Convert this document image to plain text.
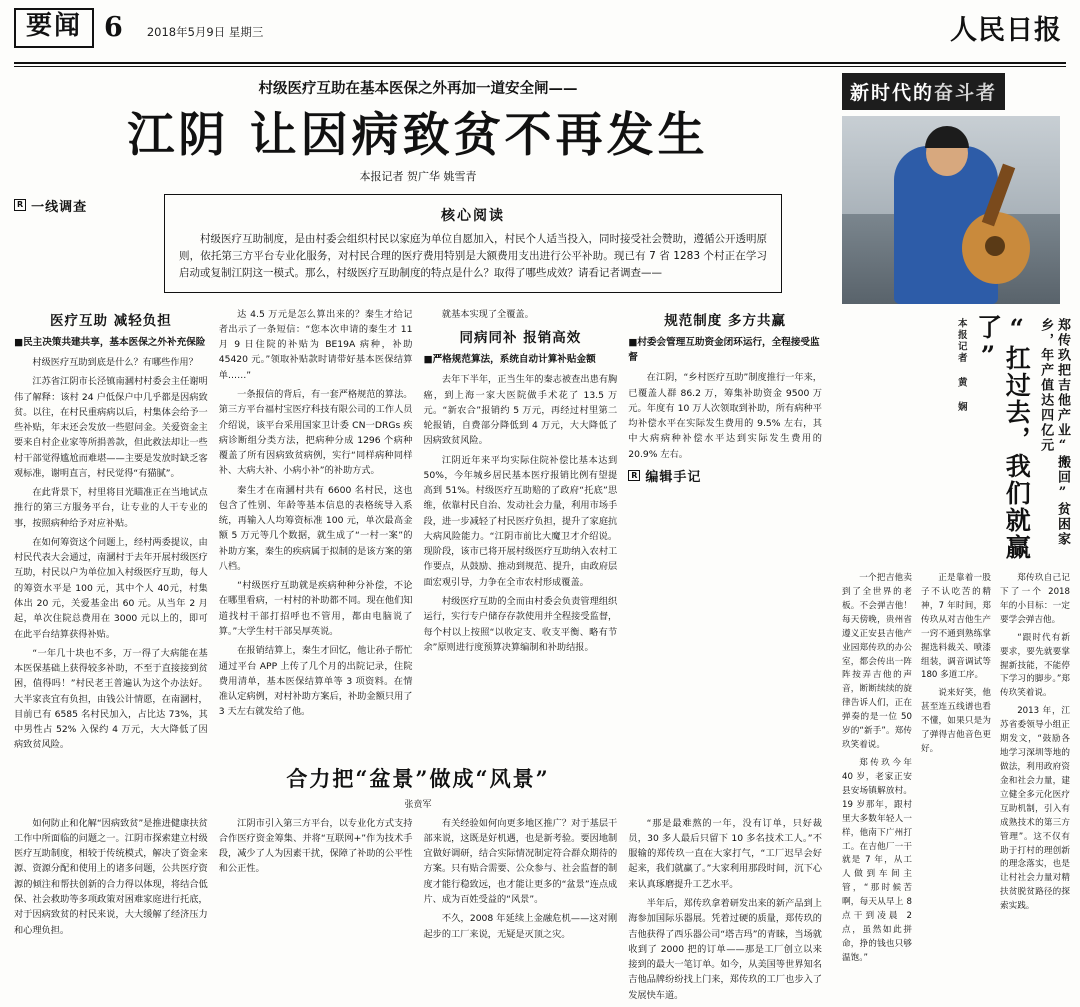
要闻 6 2018年5月9日 星期三	人民日报
村级医疗互助在基本医保之外再加一道安全闸——
江阴 让因病致贫不再发生
本报记者 贺广华 姚雪青
R 一线调查
核心阅读

村级医疗互助制度，是由村委会组织村民以家庭为单位自愿加入，村民个人适当投入，同时接受社会赞助，遵循公开透明原则，依托第三方平台专业化服务，对村民合理的医疗费用特别是大额费用支出进行公平补助。现已有 7 省 1283 个村正在学习启动或复制江阴这一模式。那么，村级医疗互助制度的特点是什么？取得了哪些成效？请看记者调查——

医疗互助 减轻负担
■民主决策共建共享，基本医保之外补充保险

村级医疗互助到底是什么？有哪些作用？

江苏省江阴市长泾镇南漍村村委会主任谢明伟了解释：该村 24 户低保户中几乎都是因病致贫。以往，在村民重病病以后，村集体会给予一些补贴，年末还会发放一些慰问金。关爱资金主要来自村企业家等所捐善款，但此救法却让一些村干部觉得尴尬而难堪——主要是发放时缺乏客观标准，谢明直言，村民觉得“有猫腻”。

在此背景下，村里将目光瞄准正在当地试点推行的第三方服务平台，让专业的人干专业的事，按照病种给予对应补贴。

在如何筹资这个问题上，经村两委提议，由村民代表大会通过，南漍村于去年开展村级医疗互助，村民以户为单位加入村级医疗互助，每人的筹资水平是 100 元，其中个人 40元，村集体出 20 元，关爱基金出 60 元。从当年 2 月起，单次住院总费用在 3000 元以上的，即可在此平台结算获得补贴。

“一年几十块也不多，万一得了大病能在基本医保基础上获得较多补助，不至于直接接到贫困，值得吗！”村民老王普遍认为这个办法好。大半家丧宜有负担，由钱公计情愿，在南漍村，目前已有 6585 名村民加入，占比达 73%，其中男性占 52% 入保约 4 万元，大大降低了因病致贫风险。

达 4.5 万元是怎么算出来的？秦生才给记者出示了一条短信：“您本次申请的秦生才 11 月 9 日住院的补贴为 BE19A 病种，补助 45420 元。”领取补贴款时请带好基本医保结算单……”

一条报信的背后，有一套严格规范的算法。第三方平台福村宝医疗科技有限公司的工作人员介绍说，该平台采用国家卫计委 CN一DRGs 疾病诊断组分类方法，把病种分成 1296 个病种覆盖了所有因病致贫病例，实行“同样病种同样补、大病大补、小病小补”的补助方式。

秦生才在南漍村共有 6600 名村民，这也包含了性别、年龄等基本信息的表格统导入系统，再输入人均筹资标准 100 元，单次最高金额 5 万元等几个数据，就生成了“一村一案”的补助方案，秦生的疾病属于拟制的是该方案的第八档。

“村级医疗互助就是疾病种种分补偿，不论在哪里看病，一村村的补助都不同。现在他们知道找村干部打招呼也不管用，都由电脑说了算。”大学生村干部吴厚英说。

在报销结算上，秦生才回忆，他让孙子帮忙通过平台 APP 上传了几个月的出院记录，住院费用清单，基本医保结算单等 3 项资料。在情准认定病例，对村补助方案后，补助金额只用了 3 天左右就发给了他。

就基本实现了全覆盖。

同病同补 报销高效
■严格规范算法，系统自动计算补贴金额

去年下半年，正当生年的秦志被查出患有胸癌，到上海一家大医院做手术花了 13.5 万元。“新农合”报销约 5 万元，再经过村里第二轮报销，自费部分降低到 4 万元，大大降低了因病致贫风险。

江阴近年来平均实际住院补偿比基本达到 50%，今年城乡居民基本医疗报销比例有望提高到 51%。村级医疗互助赔的了政府“托底”思维，依靠村民自治、发动社会力量，利用市场手段，进一步减轻了村民医疗负担，提升了家庭抗大病风险能力。“江阴市前比大魔卫才介绍说。现阶段，该市已将开展村级医疗互助纳入农村工作要点，从鼓励、推动到规范、提升，由政府层面宏观引导，力争在全市农村形成覆盖。

村级医疗互助的全而由村委会负责管理组织运行，实行专户储存存款使用并全程接受监督，每个村以上按照“以收定支、收支平衡、略有节余”原则进行度预算决算编制和补助结报。

规范制度 多方共赢
■村委会管理互助资金闭环运行，全程接受监督

在江阴，“乡村医疗互助”制度推行一年来，已覆盖人群 86.2 万，筹集补助资金 9500 万元。年度有 10 万人次领取到补助，所有病种平均补偿水平在实际发生费用的 9.5% 左右，其中大病病种补偿水平达到实际发生费用的 20.9% 左右。

R 编辑手记
合力把“盆景”做成“风景”
张贲军

如何防止和化解“因病致贫”是推进健康扶贫工作中所面临的问题之一。江阴市探索建立村级医疗互助制度，相较于传统模式，解决了资金来源、资源分配和使用上的诸多问题，公共医疗资源的倾注和帮扶创新的合力得以体现，将结合低保、社会救助等多项政策对困难家庭进行托底，对于因病致贫的村民来说，大大缓解了经济压力和心理负担。

江阴市引入第三方平台，以专业化方式支持合作医疗资金筹集、并将“互联网+”作为技术手段，减少了人为因素干扰，保障了补助的公平性和公正性。

有关经验如何向更多地区推广？对于基层干部来说，这既是好机遇，也是新考验。要因地制宜做好调研，结合实际情况制定符合群众期待的方案。只有贴合需要、公众参与、社会监督的制度才能行稳致远，也才能让更多的“盆景”连点成片、成为百姓受益的“风景”。

不久，2008 年延续上金融危机——这对刚起步的工厂来说，无疑是灭顶之灾。

“那是最难熬的一年，没有订单，只好裁员，30 多人最后只留下 10 多名技术工人。”不服输的郑传玖一直在大家打气，“工厂迟早会好起来，我们就赢了。”大家利用那段时间，沉下心来认真琢磨提升工艺水平。

半年后，郑传玖拿着研发出来的新产品到上海参加国际乐器展。凭着过硬的质量，郑传玖的吉他获得了西乐器公司“塔吉玛”的青睐，当场就收到了 2000 把的订单——那是工厂创立以来接到的最大一笔订单。如今，从美国等世界知名吉他品牌纷纷找上门来，郑传玖的工厂也步入了发展快车道。

新时代的奋斗者
本报记者 黄 娴	“扛过去，我们就赢了”	郑传玖把吉他产业“搬回”贫困家乡，年产值达四亿元

一个把吉他卖到了全世界的老板。不会弹吉他！每天傍晚，贵州省遵义正安县吉他产业园郑传玖的办公室，都会传出一阵阵按弄吉他的声音，断断续续的旋律告诉人们，正在弹奏的是一位 50 岁的“新手”。郑传玖笑着说。

郑传玖今年 40 岁，老家正安县安场镇解放村。19 岁那年，跟村里大多数年轻人一样，他南下广州打工。在吉他厂一干就是 7 年，从工人做到车间主管，“那时候苦啊，每天从早上 8 点干到凌晨 2 点，虽然如此拼命，挣的钱也只够温饱。”

正是靠着一股子不认吃苦的精神，7 年时间，郑传玖从对吉他生产一窍不通到熟练掌握选料裁关、喷漆组装，调音调试等 180 多道工序。

说来好笑，他甚至连五线谱也看不懂，如果只是为了弹得吉他音色更好。

郑传玖自己记下了一个 2018 年的小目标：一定要学会弹吉他。

“跟时代有新要求，要先就要掌握新技能，不能停下学习的脚步。”郑传玖笑着说。

2013 年，江苏省委领导小组正期发文，“鼓励各地学习深圳等地的做法，利用政府资金和社会力量，建立健全多元化医疗互助机制，引入有成熟技术的第三方管理”。这不仅有助于打村的理创新的理念落实，也是让村社会力量对精扶贫脱贫路径的探索实践。
